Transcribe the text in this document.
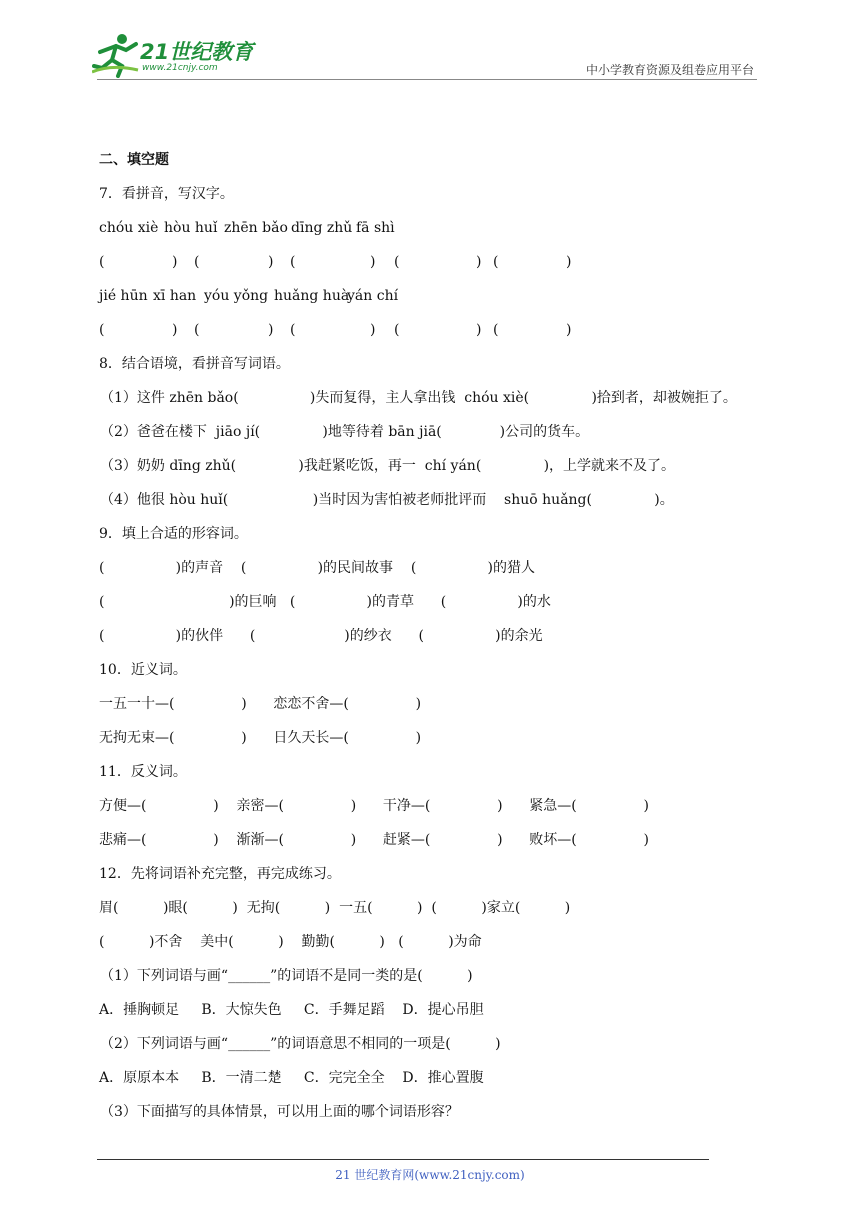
21世纪教育
www.21cnjy.com	中小学教育资源及组卷应用平台
二、填空题
7．看拼音，写汉字。
chóu xiè hòu huǐ zhēn bǎo dīng zhǔ fā shì
(	) (	) (	) (	) (	)
jié hūn xī han yóu yǒng huǎng huà
yán chí
(	) (	) (	) (	) (	)
8．结合语境，看拼音写词语。
（1）这件 zhēn bǎo(                )失而复得，主人拿出钱  chóu xiè(              )拾到者，却被婉拒了。
（2）爸爸在楼下  jiāo jí(              )地等待着 bān jiā(             )公司的货车。
（3）奶奶 dīng zhǔ(              )我赶紧吃饭，再一  chí yán(              )，上学就来不及了。
（4）他很 hòu huǐ(                   )当时因为害怕被老师批评而    shuō huǎng(              )。
9．填上合适的形容词。
(                )的声音    (                )的民间故事    (                )的猎人
(                            )的巨响   (                )的青草      (                )的水
(                )的伙伴      (                    )的纱衣      (                )的余光
10．近义词。
一五一十—(               )      恋恋不舍—(               )
无拘无束—(               )      日久天长—(               )
11．反义词。
方便—(               )    亲密—(               )      干净—(               )      紧急—(               )
悲痛—(               )    渐渐—(               )      赶紧—(               )      败坏—(               )
12．先将词语补充完整，再完成练习。
眉(          )眼(          )  无拘(          )  一五(          )  (          )家立(          )
(          )不舍    美中(          )    勤勤(          )   (          )为命
（1）下列词语与画“______”的词语不是同一类的是(          )
A．捶胸顿足     B．大惊失色     C．手舞足蹈    D．提心吊胆
（2）下列词语与画“______”的词语意思不相同的一项是(          )
A．原原本本     B．一清二楚     C．完完全全    D．推心置腹
（3）下面描写的具体情景，可以用上面的哪个词语形容？
21 世纪教育网(www.21cnjy.com)
